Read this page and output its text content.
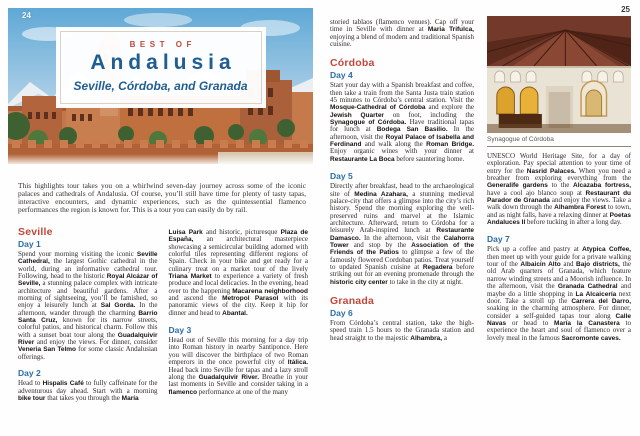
24
BEST OF
Andalusia
Seville, Córdoba, and Granada

This highlights tour takes you on a whirlwind seven-day journey across some of the iconic palaces and cathedrals of Andalusia. Of course, you’ll still have time for plenty of tasty tapas, interactive encounters, and dynamic experiences, such as the quintessential flamenco performances the region is known for. This is a tour you can easily do by rail.

Seville
Day 1

Spend your morning visiting the iconic Seville Cathedral, the largest Gothic cathedral in the world, during an informative cathedral tour. Following, head to the historic Royal Alcázar of Seville, a stunning palace complex with intricate architecture and beautiful gardens. After a morning of sightseeing, you’ll be famished, so enjoy a leisurely lunch at Sal Gorda. In the afternoon, wander through the charming Barrio Santa Cruz, known for its narrow streets, colorful patios, and historical charm. Follow this with a sunset boat tour along the Guadalquivir River and enjoy the views. For dinner, consider Veneria San Telmo for some classic Andalusian offerings.

Day 2

Head to Hispalis Café to fully caffeinate for the adventurous day ahead. Start with a morning bike tour that takes you through the María

Luisa Park and historic, picturesque Plaza de España, an architectural masterpiece showcasing a semicircular building adorned with colorful tiles representing different regions of Spain. Check in your bike and get ready for a culinary treat on a market tour of the lively Triana Market to experience a variety of fresh produce and local delicacies. In the evening, head over to the happening Macarena neighborhood and ascend the Metropol Parasol with its panoramic views of the city. Keep it hip for dinner and head to Abantal.

Day 3

Head out of Seville this morning for a day trip into Roman history in nearby Santiponce. Here you will discover the birthplace of two Roman emperors in the once powerful city of Itálica. Head back into Seville for tapas and a lazy stroll along the Guadalquivir River. Breathe in your last moments in Seville and consider taking in a flamenco performance at one of the many

25

storied tablaos (flamenco venues). Cap off your time in Seville with dinner at Maria Trifulca, enjoying a blend of modern and traditional Spanish cuisine.

Córdoba
Day 4

Start your day with a Spanish breakfast and coffee, then take a train from the Santa Justa train station 45 minutes to Córdoba’s central station. Visit the Mosque-Cathedral of Córdoba and explore the Jewish Quarter on foot, including the Synagogue of Córdoba. Have traditional tapas for lunch at Bodega San Basilio. In the afternoon, visit the Royal Palace of Isabella and Ferdinand and walk along the Roman Bridge. Enjoy organic wines with your dinner at Restaurante La Boca before sauntering home.

Day 5

Directly after breakfast, head to the archaeological site of Medina Azahara, a stunning medieval palace-city that offers a glimpse into the city’s rich history. Spend the morning exploring the well-preserved ruins and marvel at the Islamic architecture. Afterward, return to Córdoba for a leisurely Arab-inspired lunch at Restaurante Damasco. In the afternoon, visit the Calahorra Tower and stop by the Association of the Friends of the Patios to glimpse a few of the famously flowered Cordoban patios. Treat yourself to updated Spanish cuisine at Regadera before striking out for an evening promenade through the historic city center to take in the city at night.

Granada
Day 6

From Córdoba’s central station, take the high-speed train 1.5 hours to the Granada station and head straight to the majestic Alhambra, a

Synagogue of Córdoba

UNESCO World Heritage Site, for a day of exploration. Pay special attention to your time of entry for the Nasrid Palaces. When you need a breather from exploring everything from the Generalife gardens to the Alcazaba fortress, have a cool ajo blanco soup at Restaurant du Parador de Granada and enjoy the views. Take a walk down through the Alhambra Forest to town, and as night falls, have a relaxing dinner at Poetas Andaluces II before tucking in after a long day.

Day 7

Pick up a coffee and pastry at Atypica Coffee, then meet up with your guide for a private walking tour of the Albaicín Alto and Bajo districts, the old Arab quarters of Granada, which feature narrow winding streets and a Moorish influence. In the afternoon, visit the Granada Cathedral and maybe do a little shopping in La Alcaicería next door. Take a stroll up the Carrera del Darro, soaking in the charming atmosphere. For dinner, consider a self-guided tapas tour along Calle Navas or head to María la Canastera to experience the heart and soul of flamenco over a lovely meal in the famous Sacromonte caves.
